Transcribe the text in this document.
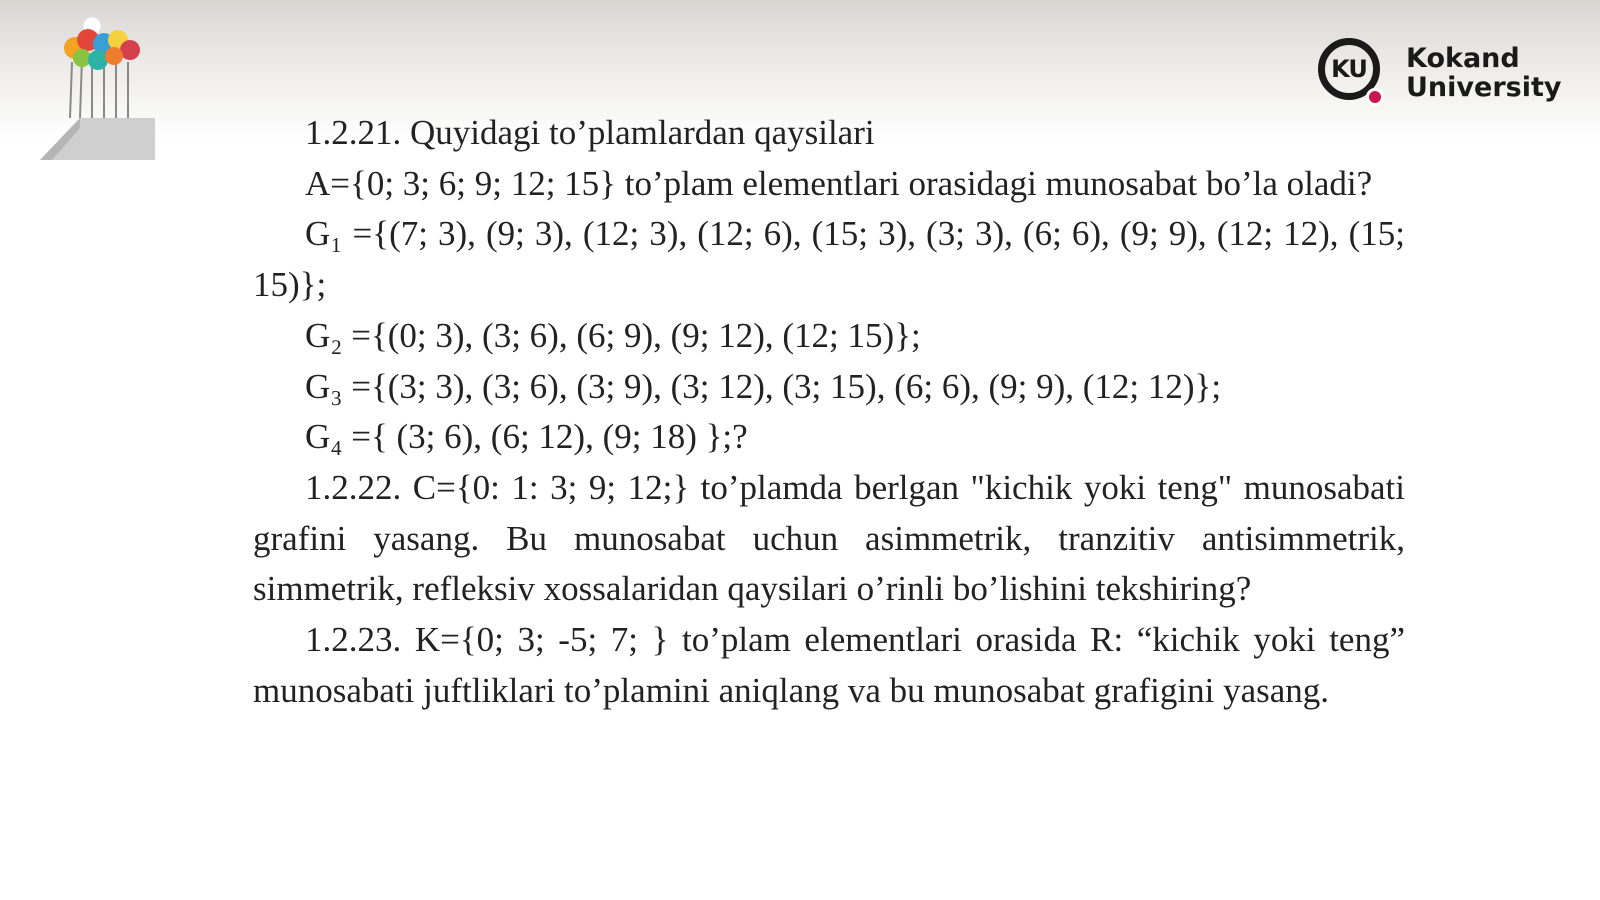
KU Kokand
University

1.2.21. Quyidagi to’plamlardan qaysilari

A={0; 3; 6; 9; 12; 15} to’plam elementlari orasidagi munosabat bo’la oladi?

G₁ ={(7; 3), (9; 3), (12; 3), (12; 6), (15; 3), (3; 3), (6; 6), (9; 9), (12; 12), (15; 15)};

G₂ ={(0; 3), (3; 6), (6; 9), (9; 12), (12; 15)};

G₃ ={(3; 3), (3; 6), (3; 9), (3; 12), (3; 15), (6; 6), (9; 9), (12; 12)};

G₄ ={ (3; 6), (6; 12), (9; 18) };?

1.2.22. C={0: 1: 3; 9; 12;} to’plamda berlgan "kichik yoki teng" munosabati grafini yasang. Bu munosabat uchun asimmetrik, tranzitiv antisimmetrik, simmetrik, refleksiv xossalaridan qaysilari o’rinli bo’lishini tekshiring?

1.2.23. K={0; 3; -5; 7; } to’plam elementlari orasida R: “kichik yoki teng” munosabati juftliklari to’plamini aniqlang va bu munosabat grafigini yasang.
